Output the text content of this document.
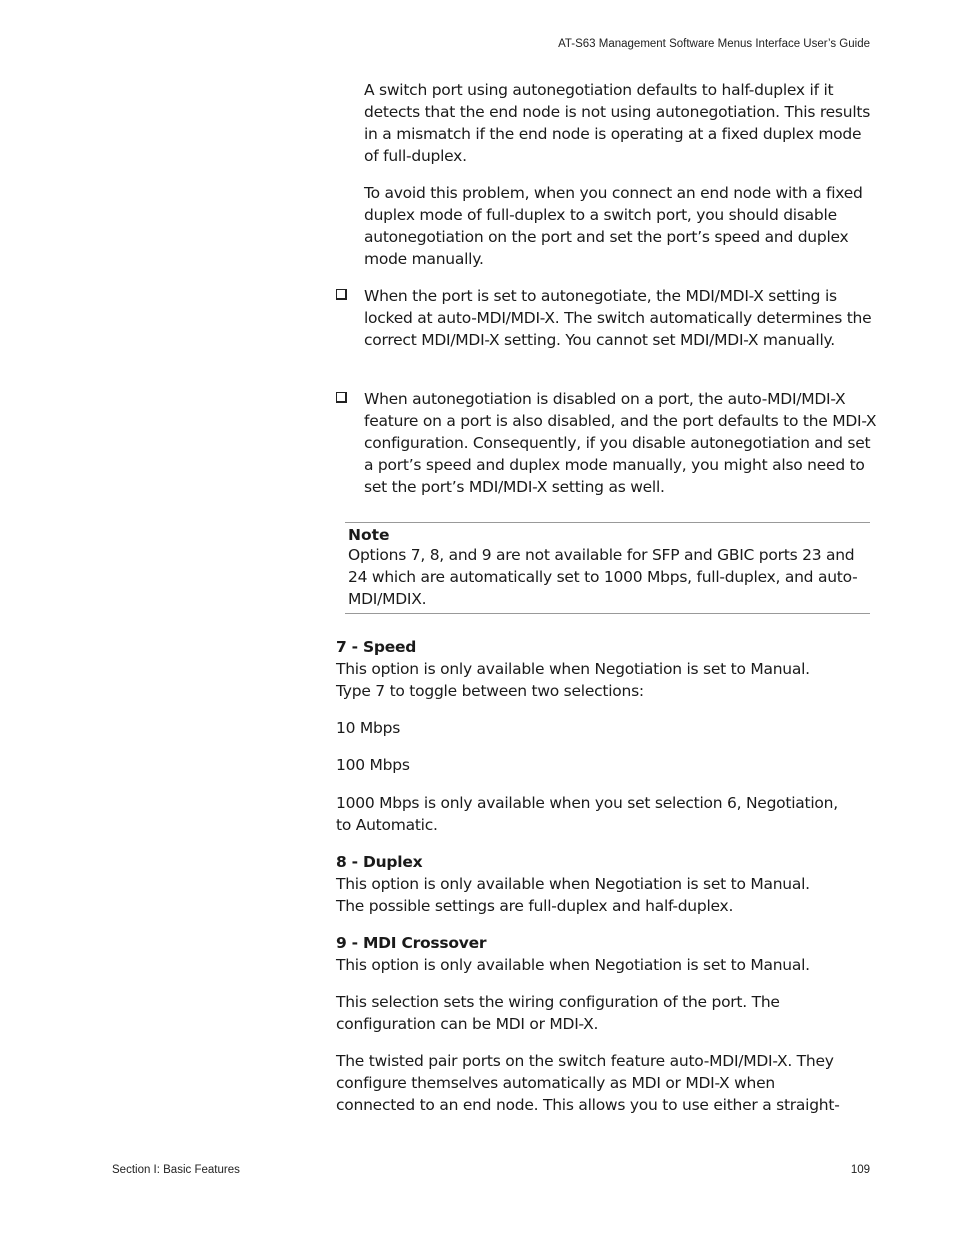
AT-S63 Management Software Menus Interface User’s Guide

A switch port using autonegotiation defaults to half-duplex if it detects that the end node is not using autonegotiation. This results in a mismatch if the end node is operating at a fixed duplex mode of full-duplex.

To avoid this problem, when you connect an end node with a fixed duplex mode of full-duplex to a switch port, you should disable autonegotiation on the port and set the port’s speed and duplex mode manually.

When the port is set to autonegotiate, the MDI/MDI-X setting is locked at auto-MDI/MDI-X. The switch automatically determines the correct MDI/MDI-X setting. You cannot set MDI/MDI-X manually.

When autonegotiation is disabled on a port, the auto-MDI/MDI-X feature on a port is also disabled, and the port defaults to the MDI-X configuration. Consequently, if you disable autonegotiation and set a port’s speed and duplex mode manually, you might also need to set the port’s MDI/MDI-X setting as well.

Note

Options 7, 8, and 9 are not available for SFP and GBIC ports 23 and 24 which are automatically set to 1000 Mbps, full-duplex, and auto-MDI/MDIX.

7 - Speed

This option is only available when Negotiation is set to Manual. Type 7 to toggle between two selections:

10 Mbps

100 Mbps

1000 Mbps is only available when you set selection 6, Negotiation, to Automatic.

8 - Duplex

This option is only available when Negotiation is set to Manual. The possible settings are full-duplex and half-duplex.

9 - MDI Crossover

This option is only available when Negotiation is set to Manual.

This selection sets the wiring configuration of the port. The configuration can be MDI or MDI-X.

The twisted pair ports on the switch feature auto-MDI/MDI-X. They configure themselves automatically as MDI or MDI-X when connected to an end node. This allows you to use either a straight-

Section I: Basic Features	109
